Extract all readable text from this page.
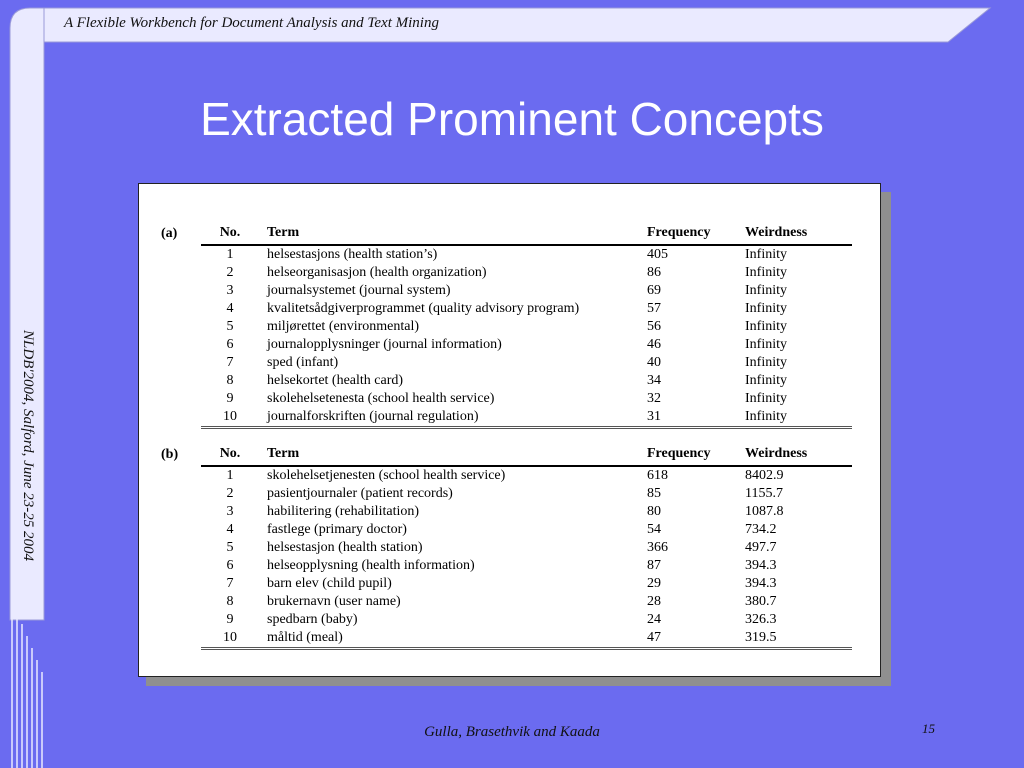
A Flexible Workbench for Document Analysis and Text Mining
NLDB'2004, Salford, June 23-25 2004
Extracted Prominent Concepts
(a)	No.	Term	Frequency	Weirdness
	1	helsestasjons (health station’s)	405	Infinity
	2	helseorganisasjon (health organization)	86	Infinity
	3	journalsystemet (journal system)	69	Infinity
	4	kvalitetsådgiverprogrammet (quality advisory program)	57	Infinity
	5	miljørettet (environmental)	56	Infinity
	6	journalopplysninger (journal information)	46	Infinity
	7	sped (infant)	40	Infinity
	8	helsekortet (health card)	34	Infinity
	9	skolehelsetenesta (school health service)	32	Infinity
	10	journalforskriften (journal regulation)	31	Infinity
(b)	No.	Term	Frequency	Weirdness
	1	skolehelsetjenesten (school health service)	618	8402.9
	2	pasientjournaler (patient records)	85	1155.7
	3	habilitering (rehabilitation)	80	1087.8
	4	fastlege (primary doctor)	54	734.2
	5	helsestasjon (health station)	366	497.7
	6	helseopplysning (health information)	87	394.3
	7	barn elev (child pupil)	29	394.3
	8	brukernavn (user name)	28	380.7
	9	spedbarn (baby)	24	326.3
	10	måltid (meal)	47	319.5
Gulla, Brasethvik and Kaada	15
